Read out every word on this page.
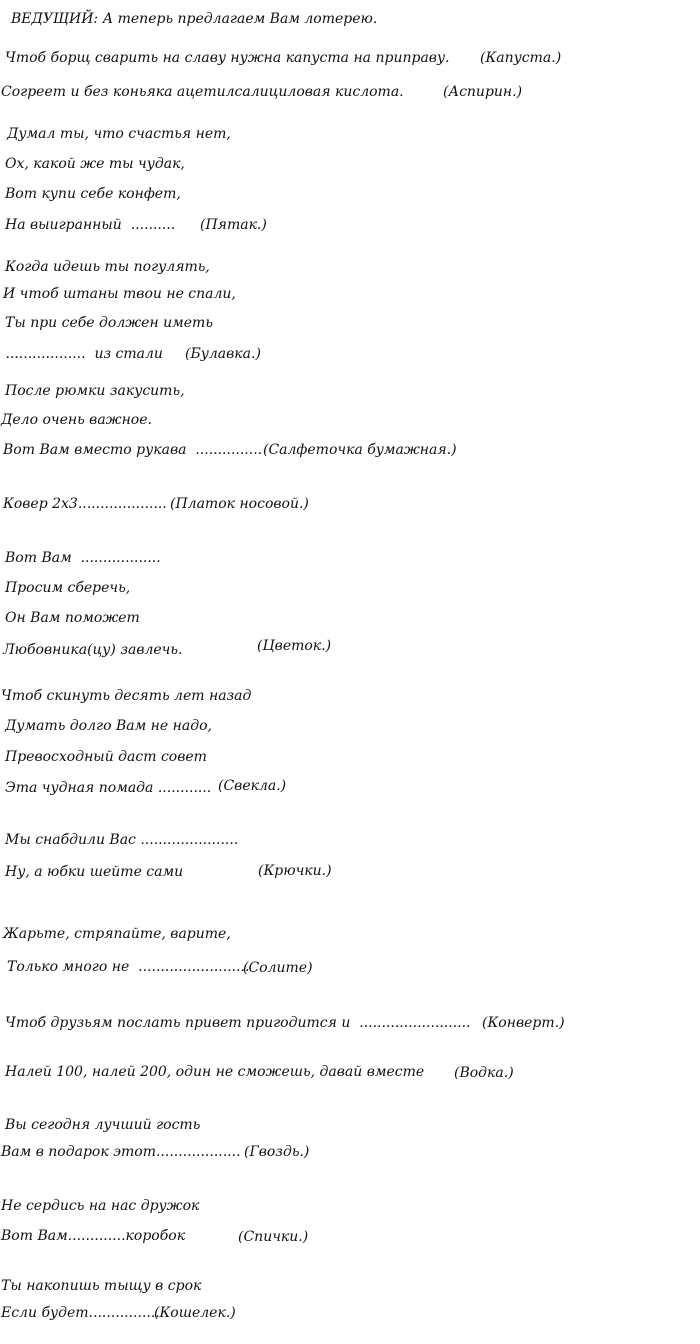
ВЕДУЩИЙ: А теперь предлагаем Вам лотерею.
Чтоб борщ сварить на славу нужна капуста на приправу. (Капуста.)
Согреет и без коньяка ацетилсалициловая кислота.	(Аспирин.)
Думал ты, что счастья нет,
Ох, какой же ты чудак,
Вот купи себе конфет,
На выигранный  .......... (Пятак.)
Когда идешь ты погулять,
И чтоб штаны твои не спали,
Ты при себе должен иметь
..................  из стали (Булавка.)
После рюмки закусить,
Дело очень важное.
Вот Вам вместо рукава  ............... (Салфеточка бумажная.)
Ковер 2х3.................... (Платок носовой.)
Вот Вам  ..................
Просим сберечь,
Он Вам поможет
Любовника(цу) завлечь.	(Цветок.)
Чтоб скинуть десять лет назад
Думать долго Вам не надо,
Превосходный даст совет
Эта чудная помада ............ (Свекла.)
Мы снабдили Вас ......................
Ну, а юбки шейте сами	(Крючки.)
Жарьте, стряпайте, варите,
Только много не  .........................
(Солите)
Чтоб друзьям послать привет пригодится и  ......................... (Конверт.)
Налей 100, налей 200, один не сможешь, давай вместе (Водка.)
Вы сегодня лучший гость
Вам в подарок этот................... (Гвоздь.)
Не сердись на нас дружок
Вот Вам.............коробок	(Спички.)
Ты накопишь тыщу в срок
Если будет................
(Кошелек.)
